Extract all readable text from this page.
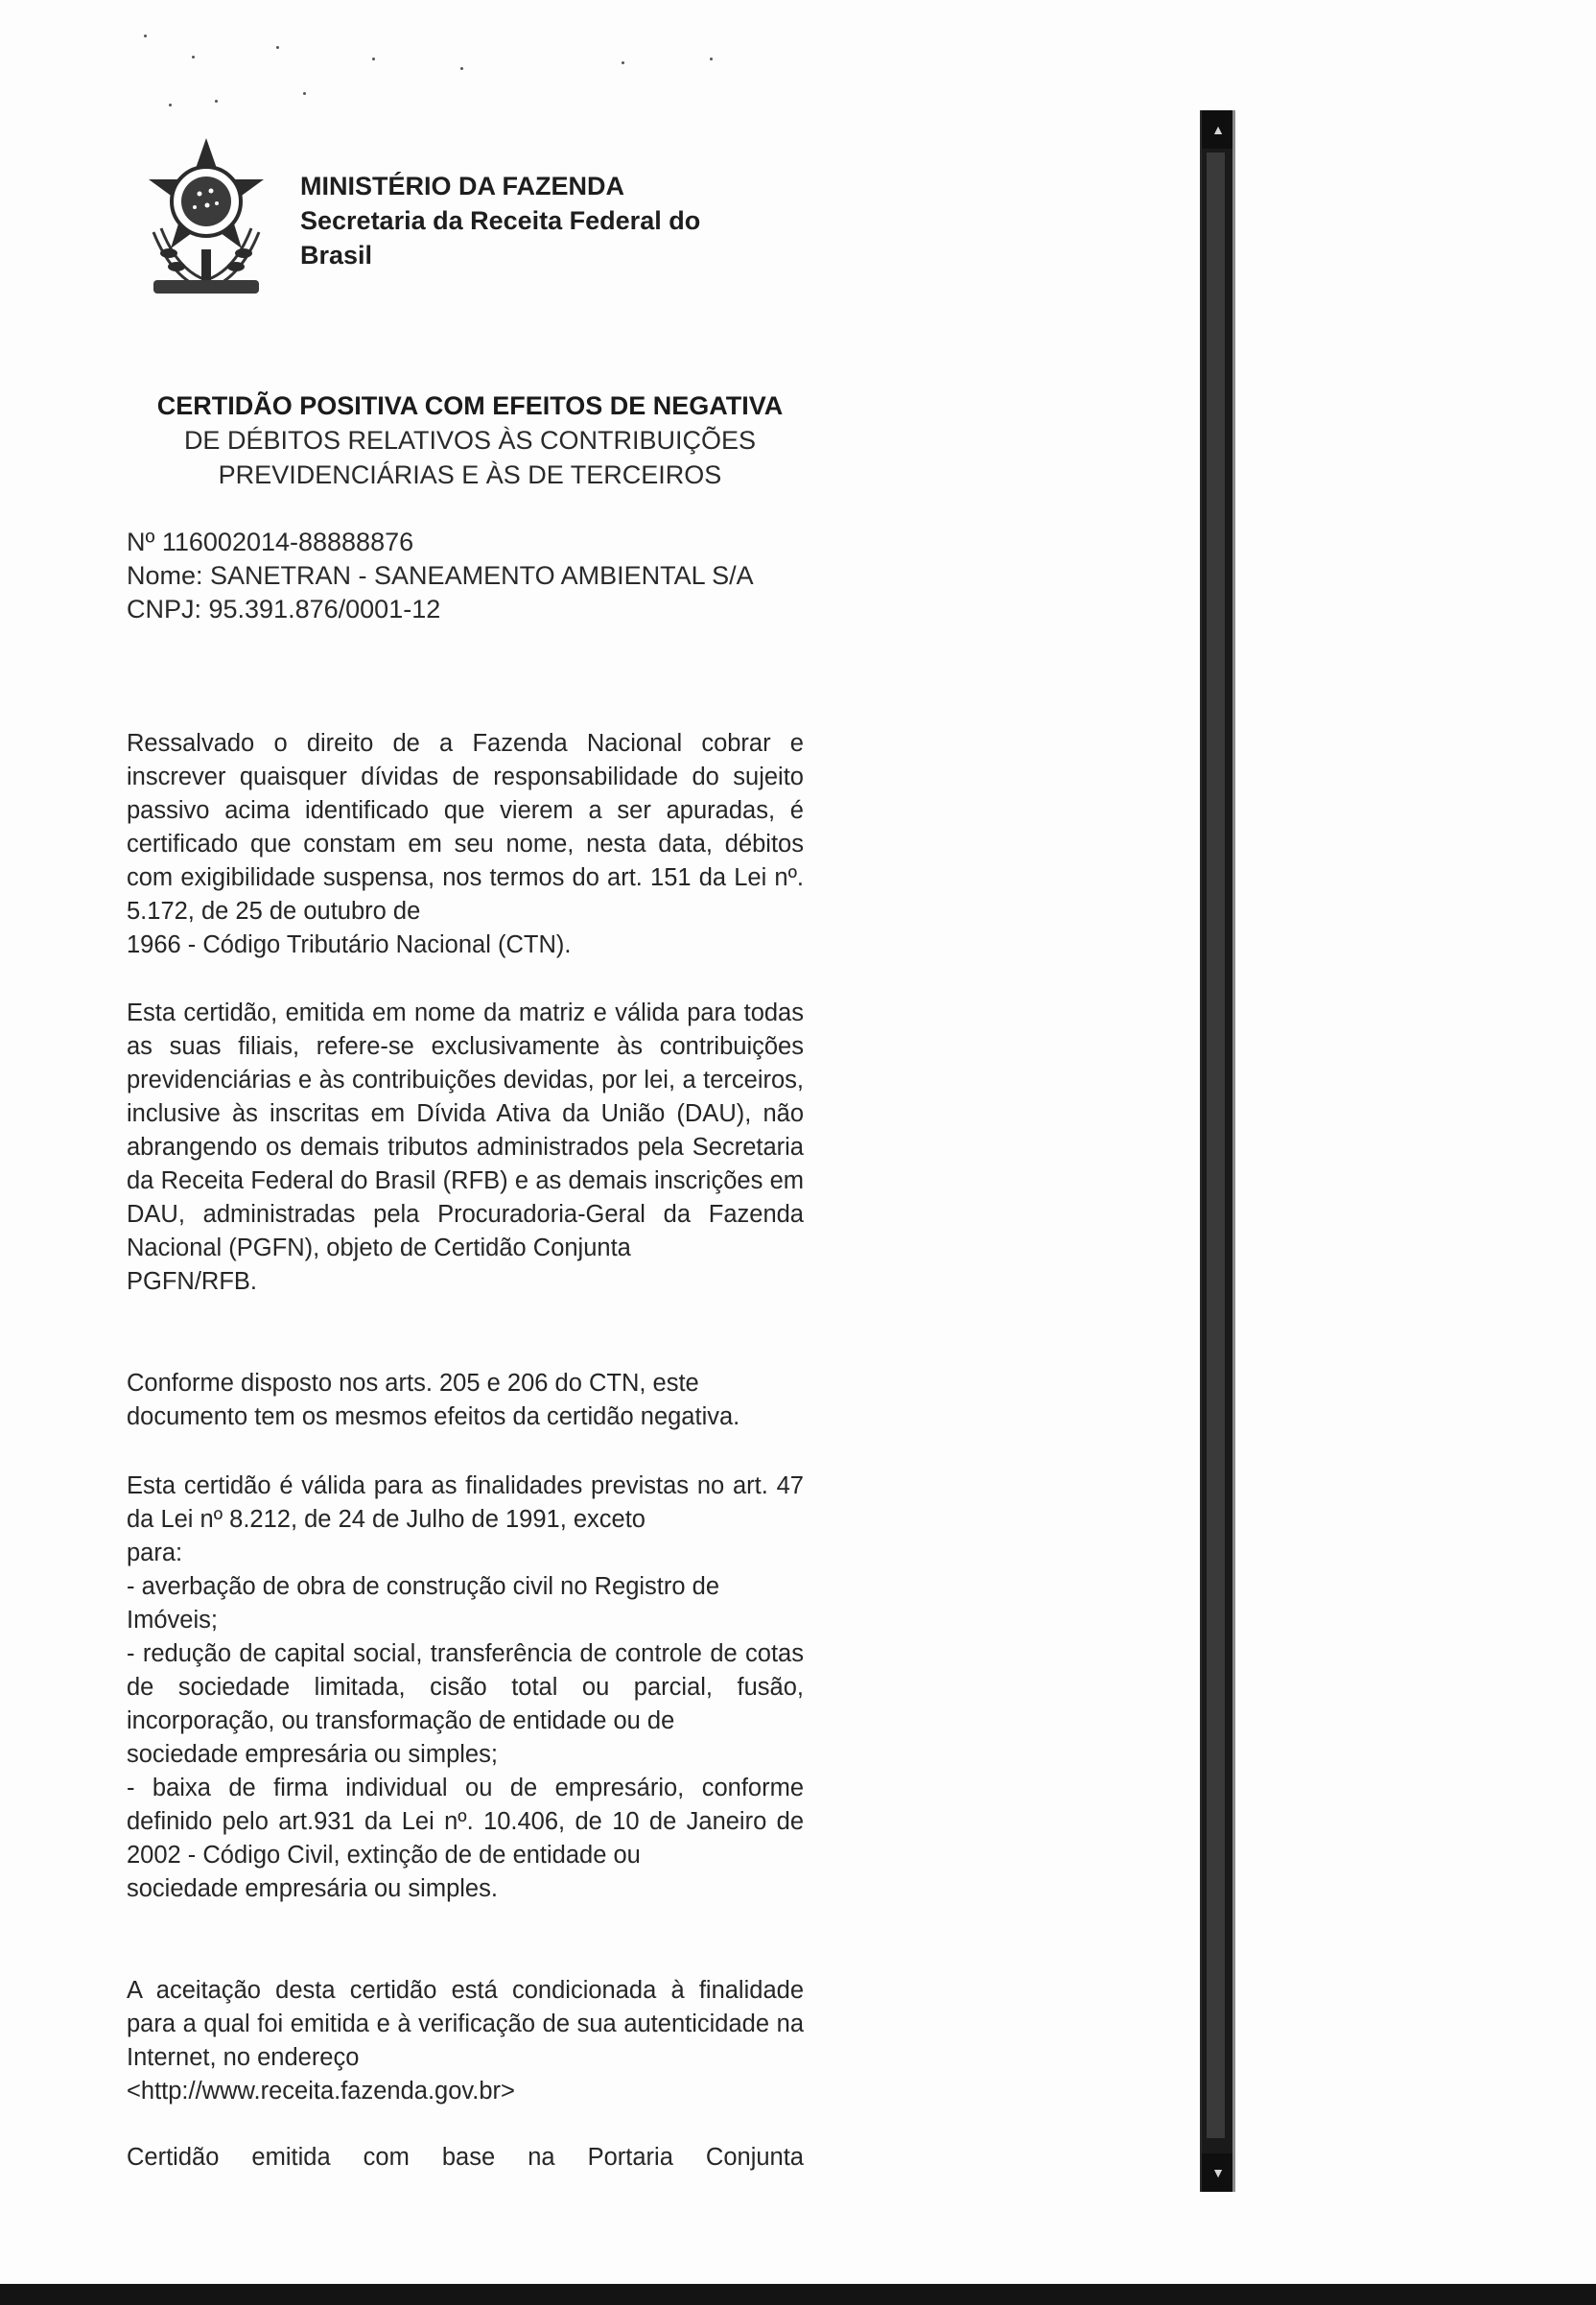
MINISTÉRIO DA FAZENDA
Secretaria da Receita Federal do
Brasil
CERTIDÃO POSITIVA COM EFEITOS DE NEGATIVA
DE DÉBITOS RELATIVOS ÀS CONTRIBUIÇÕES
PREVIDENCIÁRIAS E ÀS DE TERCEIROS
Nº 116002014-88888876
Nome: SANETRAN - SANEAMENTO AMBIENTAL S/A
CNPJ: 95.391.876/0001-12

Ressalvado o direito de a Fazenda Nacional cobrar e inscrever quaisquer dívidas de responsabilidade do sujeito passivo acima identificado que vierem a ser apuradas, é certificado que constam em seu nome, nesta data, débitos com exigibilidade suspensa, nos termos do art. 151 da Lei nº. 5.172, de 25 de outubro de

1966 - Código Tributário Nacional (CTN).

Esta certidão, emitida em nome da matriz e válida para todas as suas filiais, refere-se exclusivamente às contribuições previdenciárias e às contribuições devidas, por lei, a terceiros, inclusive às inscritas em Dívida Ativa da União (DAU), não abrangendo os demais tributos administrados pela Secretaria da Receita Federal do Brasil (RFB) e as demais inscrições em DAU, administradas pela Procuradoria-Geral da Fazenda Nacional (PGFN), objeto de Certidão Conjunta

PGFN/RFB.

Conforme disposto nos arts. 205 e 206 do CTN, este

documento tem os mesmos efeitos da certidão negativa.

Esta certidão é válida para as finalidades previstas no art. 47 da Lei nº 8.212, de 24 de Julho de 1991, exceto

para:

- averbação de obra de construção civil no Registro de

Imóveis;

- redução de capital social, transferência de controle de cotas de sociedade limitada, cisão total ou parcial, fusão, incorporação, ou transformação de entidade ou de

sociedade empresária ou simples;

- baixa de firma individual ou de empresário, conforme definido pelo art.931 da Lei nº. 10.406, de 10 de Janeiro de 2002 - Código Civil, extinção de de entidade ou

sociedade empresária ou simples.

A aceitação desta certidão está condicionada à finalidade para a qual foi emitida e à verificação de sua autenticidade na Internet, no endereço

<http://www.receita.fazenda.gov.br>

Certidão emitida com base na Portaria Conjunta

▲
▼
